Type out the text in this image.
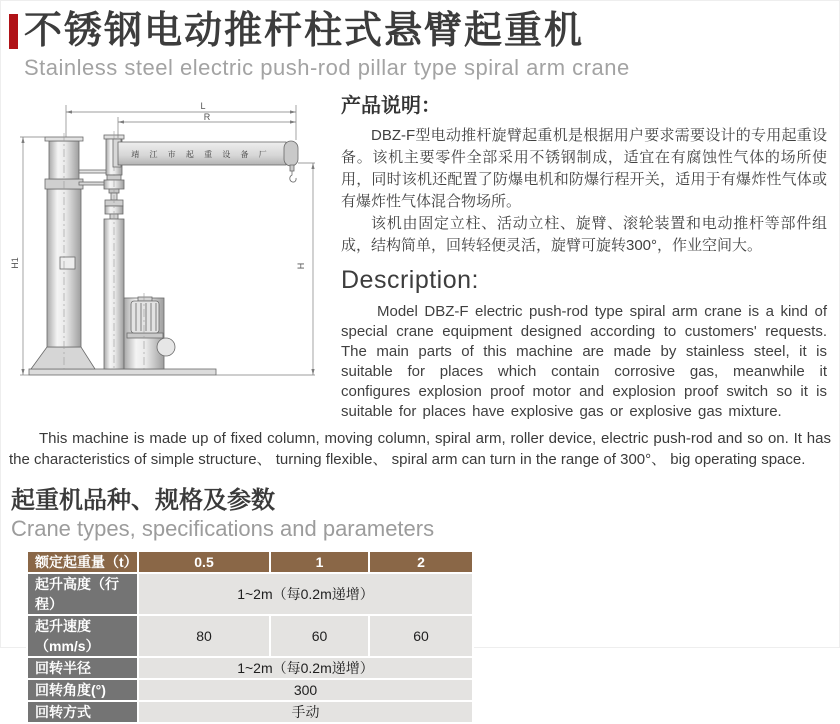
不锈钢电动推杆柱式悬臂起重机
Stainless steel electric push-rod pillar type spiral arm crane
靖 江 市 起 重 设 备 厂
L
R
H1	H
产品说明：

DBZ-F型电动推杆旋臂起重机是根据用户要求需要设计的专用起重设备。该机主要零件全部采用不锈钢制成，适宜在有腐蚀性气体的场所使用，同时该机还配置了防爆电机和防爆行程开关，适用于有爆炸性气体或有爆炸性气体混合物场所。

该机由固定立柱、活动立柱、旋臂、滚轮装置和电动推杆等部件组成，结构简单，回转轻便灵活，旋臂可旋转300°，作业空间大。

Description:

Model DBZ-F electric push-rod type spiral arm crane is a kind of special crane equipment designed according to customers' requests. The main parts of this machine are made by stainless steel, it is suitable for places which contain corrosive gas, meanwhile it configures explosion proof motor and explosion proof switch so it is suitable for places have explosive gas or explosive gas mixture.

This machine is made up of fixed column, moving column, spiral arm, roller device, electric push-rod and so on. It has the characteristics of simple structure、 turning flexible、 spiral arm can turn in the range of 300°、 big operating space.

起重机品种、规格及参数
Crane types, specifications and parameters
额定起重量（t）	0.5	1	2
起升高度（行程）	1~2m（每0.2m递增）		
起升速度（mm/s）	80	60	60
回转半径	1~2m（每0.2m递增）		
回转角度(°)	300		
回转方式	手动		
